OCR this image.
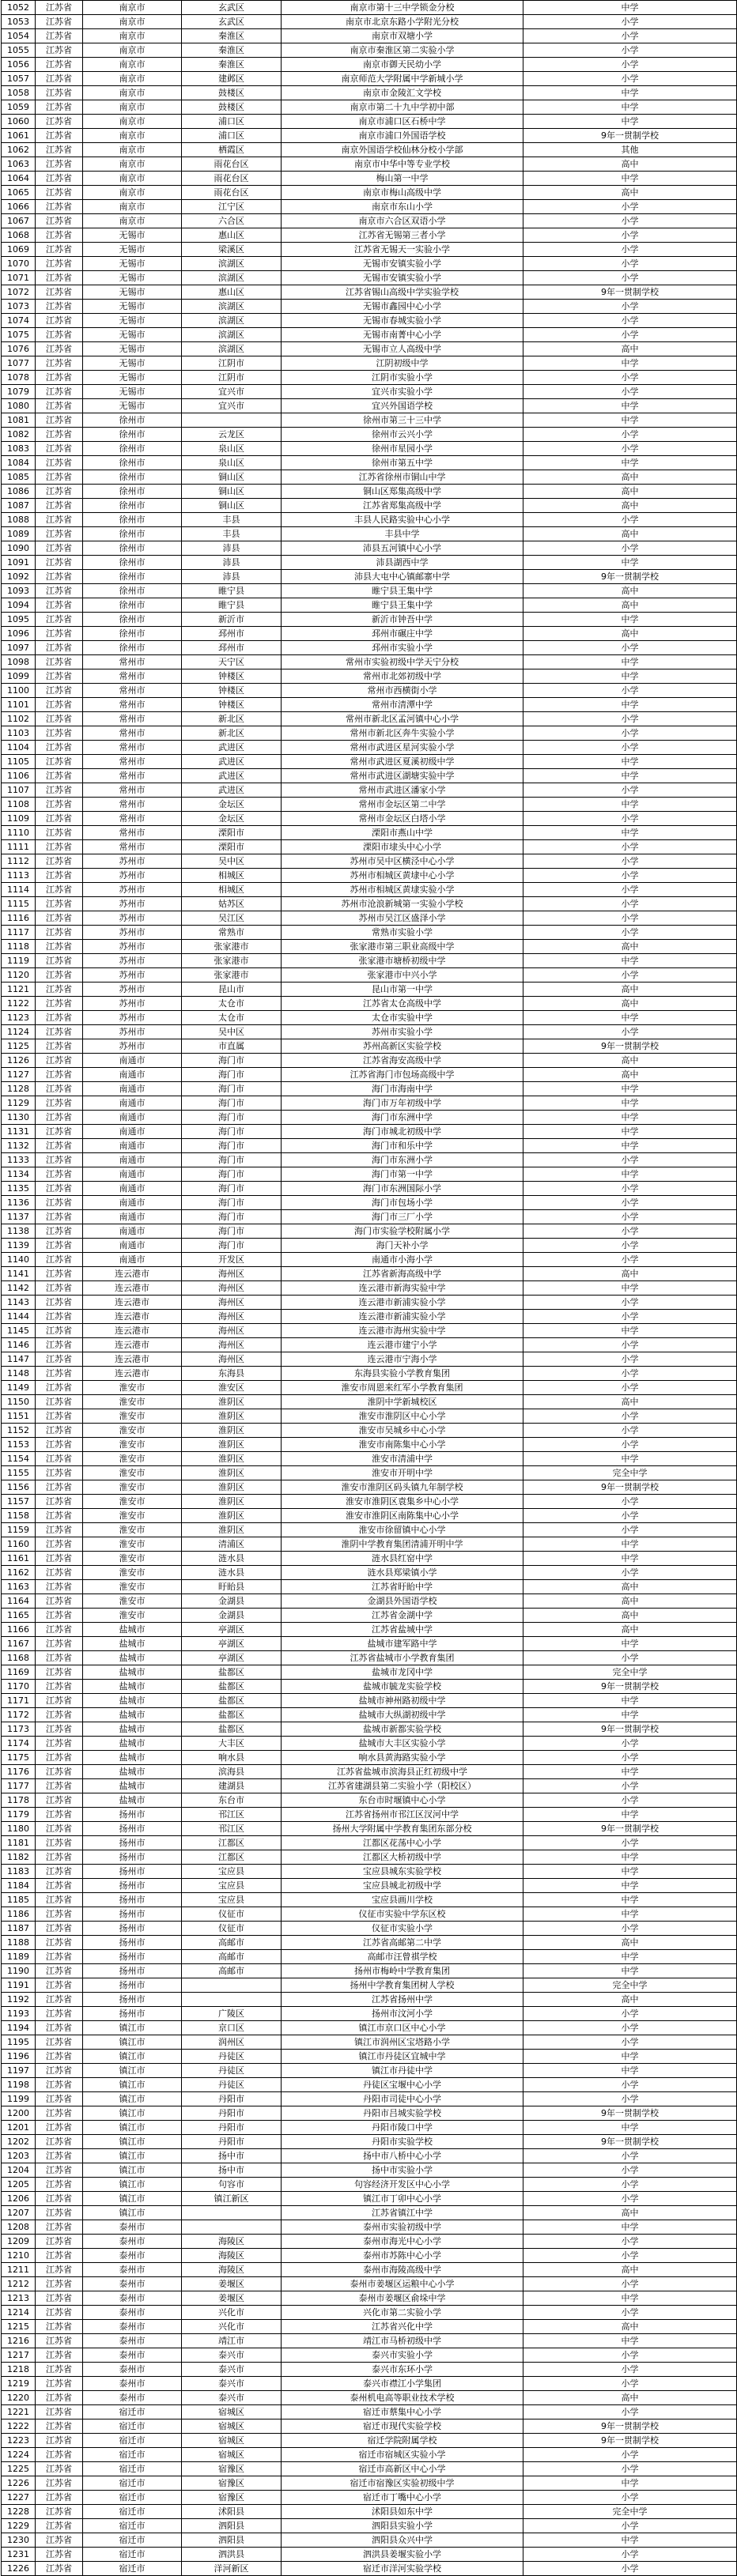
1052	江苏省	南京市	玄武区	南京市第十三中学锁金分校	中学
1053	江苏省	南京市	玄武区	南京市北京东路小学附光分校	小学
1054	江苏省	南京市	秦淮区	南京市双塘小学	小学
1055	江苏省	南京市	秦淮区	南京市秦淮区第二实验小学	小学
1056	江苏省	南京市	秦淮区	南京市御天民幼小学	小学
1057	江苏省	南京市	建邺区	南京师范大学附属中学新城小学	小学
1058	江苏省	南京市	鼓楼区	南京市金陵汇文学校	中学
1059	江苏省	南京市	鼓楼区	南京市第二十九中学初中部	中学
1060	江苏省	南京市	浦口区	南京市浦口区石桥中学	中学
1061	江苏省	南京市	浦口区	南京市浦口外国语学校	9年一贯制学校
1062	江苏省	南京市	栖霞区	南京外国语学校仙林分校小学部	其他
1063	江苏省	南京市	雨花台区	南京市中华中等专业学校	高中
1064	江苏省	南京市	雨花台区	梅山第一中学	中学
1065	江苏省	南京市	雨花台区	南京市梅山高级中学	高中
1066	江苏省	南京市	江宁区	南京市东山小学	小学
1067	江苏省	南京市	六合区	南京市六合区双语小学	小学
1068	江苏省	无锡市	惠山区	江苏省无锡第三者小学	小学
1069	江苏省	无锡市	梁溪区	江苏省无锡天一实验小学	小学
1070	江苏省	无锡市	滨湖区	无锡市安镇实验小学	小学
1071	江苏省	无锡市	滨湖区	无锡市安镇实验小学	小学
1072	江苏省	无锡市	惠山区	江苏省锡山高级中学实验学校	9年一贯制学校
1073	江苏省	无锡市	滨湖区	无锡市鑫园中心小学	小学
1074	江苏省	无锡市	滨湖区	无锡市春城实验小学	小学
1075	江苏省	无锡市	滨湖区	无锡市南菁中心小学	小学
1076	江苏省	无锡市	滨湖区	无锡市立人高级中学	高中
1077	江苏省	无锡市	江阴市	江阴初级中学	中学
1078	江苏省	无锡市	江阴市	江阴市实验小学	小学
1079	江苏省	无锡市	宜兴市	宜兴市实验小学	小学
1080	江苏省	无锡市	宜兴市	宜兴外国语学校	中学
1081	江苏省	徐州市		徐州市第三十三中学	中学
1082	江苏省	徐州市	云龙区	徐州市云兴小学	小学
1083	江苏省	徐州市	泉山区	徐州市星园小学	小学
1084	江苏省	徐州市	泉山区	徐州市第五中学	中学
1085	江苏省	徐州市	铜山区	江苏省徐州市铜山中学	高中
1086	江苏省	徐州市	铜山区	铜山区郑集高级中学	高中
1087	江苏省	徐州市	铜山区	江苏省郑集高级中学	高中
1088	江苏省	徐州市	丰县	丰县人民路实验中心小学	小学
1089	江苏省	徐州市	丰县	丰县中学	高中
1090	江苏省	徐州市	沛县	沛县五河镇中心小学	小学
1091	江苏省	徐州市	沛县	沛县湖西中学	中学
1092	江苏省	徐州市	沛县	沛县大屯中心镇邮寨中学	9年一贯制学校
1093	江苏省	徐州市	睢宁县	睢宁县王集中学	高中
1094	江苏省	徐州市	睢宁县	睢宁县王集中学	高中
1095	江苏省	徐州市	新沂市	新沂市钟吾中学	中学
1096	江苏省	徐州市	邳州市	邳州市碾庄中学	高中
1097	江苏省	徐州市	邳州市	邳州市实验小学	小学
1098	江苏省	常州市	天宁区	常州市实验初级中学天宁分校	中学
1099	江苏省	常州市	钟楼区	常州市北郊初级中学	中学
1100	江苏省	常州市	钟楼区	常州市西横街小学	小学
1101	江苏省	常州市	钟楼区	常州市清潭中学	中学
1102	江苏省	常州市	新北区	常州市新北区孟河镇中心小学	小学
1103	江苏省	常州市	新北区	常州市新北区奔牛实验小学	小学
1104	江苏省	常州市	武进区	常州市武进区星河实验小学	小学
1105	江苏省	常州市	武进区	常州市武进区夏溪初级中学	中学
1106	江苏省	常州市	武进区	常州市武进区湖塘实验中学	中学
1107	江苏省	常州市	武进区	常州市武进区潘家小学	小学
1108	江苏省	常州市	金坛区	常州市金坛区第二中学	中学
1109	江苏省	常州市	金坛区	常州市金坛区白塔小学	小学
1110	江苏省	常州市	溧阳市	溧阳市燕山中学	中学
1111	江苏省	常州市	溧阳市	溧阳市埭头中心小学	小学
1112	江苏省	苏州市	吴中区	苏州市吴中区横泾中心小学	小学
1113	江苏省	苏州市	相城区	苏州市相城区黄埭中心小学	小学
1114	江苏省	苏州市	相城区	苏州市相城区黄埭实验小学	小学
1115	江苏省	苏州市	姑苏区	苏州市沧浪新城第一实验小学校	小学
1116	江苏省	苏州市	吴江区	苏州市吴江区盛泽小学	小学
1117	江苏省	苏州市	常熟市	常熟市实验小学	小学
1118	江苏省	苏州市	张家港市	张家港市第三职业高级中学	高中
1119	江苏省	苏州市	张家港市	张家港市塘桥初级中学	中学
1120	江苏省	苏州市	张家港市	张家港市中兴小学	小学
1121	江苏省	苏州市	昆山市	昆山市第一中学	高中
1122	江苏省	苏州市	太仓市	江苏省太仓高级中学	高中
1123	江苏省	苏州市	太仓市	太仓市实验中学	中学
1124	江苏省	苏州市	吴中区	苏州市实验小学	小学
1125	江苏省	苏州市	市直属	苏州高新区实验学校	9年一贯制学校
1126	江苏省	南通市	海门市	江苏省海安高级中学	高中
1127	江苏省	南通市	海门市	江苏省海门市包场高级中学	高中
1128	江苏省	南通市	海门市	海门市海南中学	中学
1129	江苏省	南通市	海门市	海门市万年初级中学	中学
1130	江苏省	南通市	海门市	海门市东洲中学	中学
1131	江苏省	南通市	海门市	海门市城北初级中学	中学
1132	江苏省	南通市	海门市	海门市和乐中学	中学
1133	江苏省	南通市	海门市	海门市东洲小学	小学
1134	江苏省	南通市	海门市	海门市第一中学	中学
1135	江苏省	南通市	海门市	海门市东洲国际小学	小学
1136	江苏省	南通市	海门市	海门市包场小学	小学
1137	江苏省	南通市	海门市	海门市三厂小学	小学
1138	江苏省	南通市	海门市	海门市实验学校附属小学	小学
1139	江苏省	南通市	海门市	海门天补小学	小学
1140	江苏省	南通市	开发区	南通市小海小学	小学
1141	江苏省	连云港市	海州区	江苏省新海高级中学	高中
1142	江苏省	连云港市	海州区	连云港市新海实验中学	中学
1143	江苏省	连云港市	海州区	连云港市新浦实验小学	小学
1144	江苏省	连云港市	海州区	连云港市新浦实验小学	小学
1145	江苏省	连云港市	海州区	连云港市海州实验中学	中学
1146	江苏省	连云港市	海州区	连云港市建宁小学	小学
1147	江苏省	连云港市	海州区	连云港市宁海小学	小学
1148	江苏省	连云港市	东海县	东海县实验小学教育集团	小学
1149	江苏省	淮安市	淮安区	淮安市周恩来红军小学教育集团	小学
1150	江苏省	淮安市	淮阴区	淮阴中学新城校区	高中
1151	江苏省	淮安市	淮阴区	淮安市淮阴区中心小学	小学
1152	江苏省	淮安市	淮阴区	淮安市吴城乡中心小学	小学
1153	江苏省	淮安市	淮阴区	淮安市南陈集中心小学	小学
1154	江苏省	淮安市	淮阴区	淮安市清浦中学	中学
1155	江苏省	淮安市	淮阴区	淮安市开明中学	完全中学
1156	江苏省	淮安市	淮阴区	淮安市淮阴区码头镇九年制学校	9年一贯制学校
1157	江苏省	淮安市	淮阴区	淮安市淮阴区袁集乡中心小学	小学
1158	江苏省	淮安市	淮阴区	淮安市淮阴区南陈集中心小学	小学
1159	江苏省	淮安市	淮阴区	淮安市徐留镇中心小学	小学
1160	江苏省	淮安市	清浦区	淮阴中学教育集团清浦开明中学	中学
1161	江苏省	淮安市	涟水县	涟水县红窑中学	中学
1162	江苏省	淮安市	涟水县	涟水县郑梁镇小学	小学
1163	江苏省	淮安市	盱眙县	江苏省盱眙中学	高中
1164	江苏省	淮安市	金湖县	金湖县外国语学校	高中
1165	江苏省	淮安市	金湖县	江苏省金湖中学	高中
1166	江苏省	盐城市	亭湖区	江苏省盐城中学	高中
1167	江苏省	盐城市	亭湖区	盐城市建军路中学	中学
1168	江苏省	盐城市	亭湖区	江苏省盐城市小学教育集团	小学
1169	江苏省	盐城市	盐都区	盐城市龙冈中学	完全中学
1170	江苏省	盐城市	盐都区	盐城市毓龙实验学校	9年一贯制学校
1171	江苏省	盐城市	盐都区	盐城市神州路初级中学	中学
1172	江苏省	盐城市	盐都区	盐城市大纵湖初级中学	中学
1173	江苏省	盐城市	盐都区	盐城市新都实验学校	9年一贯制学校
1174	江苏省	盐城市	大丰区	盐城市大丰区实验小学	小学
1175	江苏省	盐城市	响水县	响水县黄海路实验小学	小学
1176	江苏省	盐城市	滨海县	江苏省盐城市滨海县正红初级中学	中学
1177	江苏省	盐城市	建湖县	江苏省建湖县第二实验小学（阳校区）	小学
1178	江苏省	盐城市	东台市	东台市时堰镇中心小学	小学
1179	江苏省	扬州市	邗江区	江苏省扬州市邗江区汊河中学	中学
1180	江苏省	扬州市	邗江区	扬州大学附属中学教育集团东部分校	9年一贯制学校
1181	江苏省	扬州市	江都区	江都区花荡中心小学	小学
1182	江苏省	扬州市	江都区	江都区大桥初级中学	中学
1183	江苏省	扬州市	宝应县	宝应县城东实验学校	中学
1184	江苏省	扬州市	宝应县	宝应县城北初级中学	中学
1185	江苏省	扬州市	宝应县	宝应县画川学校	中学
1186	江苏省	扬州市	仪征市	仪征市实验中学东区校	中学
1187	江苏省	扬州市	仪征市	仪征市实验小学	小学
1188	江苏省	扬州市	高邮市	江苏省高邮第二中学	高中
1189	江苏省	扬州市	高邮市	高邮市汪曾祺学校	中学
1190	江苏省	扬州市	高邮市	扬州市梅岭中学教育集团	中学
1191	江苏省	扬州市		扬州中学教育集团树人学校	完全中学
1192	江苏省	扬州市		江苏省扬州中学	高中
1193	江苏省	扬州市	广陵区	扬州市汶河小学	小学
1194	江苏省	镇江市	京口区	镇江市京口区中心小学	小学
1195	江苏省	镇江市	润州区	镇江市润州区宝塔路小学	小学
1196	江苏省	镇江市	丹徒区	镇江市丹徒区宜城中学	中学
1197	江苏省	镇江市	丹徒区	镇江市丹徒中学	中学
1198	江苏省	镇江市	丹徒区	丹徒区宝堰中心小学	小学
1199	江苏省	镇江市	丹阳市	丹阳市司徒中心小学	小学
1200	江苏省	镇江市	丹阳市	丹阳市吕城实验学校	9年一贯制学校
1201	江苏省	镇江市	丹阳市	丹阳市陵口中学	中学
1202	江苏省	镇江市	丹阳市	丹阳市实验学校	9年一贯制学校
1203	江苏省	镇江市	扬中市	扬中市八桥中心小学	小学
1204	江苏省	镇江市	扬中市	扬中市实验小学	小学
1205	江苏省	镇江市	句容市	句容经济开发区中心小学	小学
1206	江苏省	镇江市	镇江新区	镇江市丁卯中心小学	小学
1207	江苏省	镇江市		江苏省镇江中学	高中
1208	江苏省	泰州市		泰州市实验初级中学	中学
1209	江苏省	泰州市	海陵区	泰州市海光中心小学	小学
1210	江苏省	泰州市	海陵区	泰州市苏陈中心小学	小学
1211	江苏省	泰州市	海陵区	泰州市海陵高级中学	高中
1212	江苏省	泰州市	姜堰区	泰州市姜堰区运粮中心小学	小学
1213	江苏省	泰州市	姜堰区	泰州市姜堰区俞垛中学	中学
1214	江苏省	泰州市	兴化市	兴化市第二实验小学	小学
1215	江苏省	泰州市	兴化市	江苏省兴化中学	高中
1216	江苏省	泰州市	靖江市	靖江市马桥初级中学	中学
1217	江苏省	泰州市	泰兴市	泰兴市实验小学	小学
1218	江苏省	泰州市	泰兴市	泰兴市东环小学	小学
1219	江苏省	泰州市	泰兴市	泰兴市襟江小学集团	小学
1220	江苏省	泰州市	泰兴市	泰州机电高等职业技术学校	高中
1221	江苏省	宿迁市	宿城区	宿迁市蔡集中心小学	小学
1222	江苏省	宿迁市	宿城区	宿迁市现代实验学校	9年一贯制学校
1223	江苏省	宿迁市	宿城区	宿迁学院附属学校	9年一贯制学校
1224	江苏省	宿迁市	宿城区	宿迁市宿城区实验小学	小学
1225	江苏省	宿迁市	宿豫区	宿迁市高新区中心小学	小学
1226	江苏省	宿迁市	宿豫区	宿迁市宿豫区实验初级中学	中学
1227	江苏省	宿迁市	宿豫区	宿迁市丁嘴中心小学	小学
1228	江苏省	宿迁市	沭阳县	沭阳县如东中学	完全中学
1229	江苏省	宿迁市	泗阳县	泗阳县实验小学	小学
1230	江苏省	宿迁市	泗阳县	泗阳县众兴中学	中学
1231	江苏省	宿迁市	泗洪县	泗洪县姜堰实验小学	小学
1226	江苏省	宿迁市	洋河新区	宿迁市洋河实验学校	小学
